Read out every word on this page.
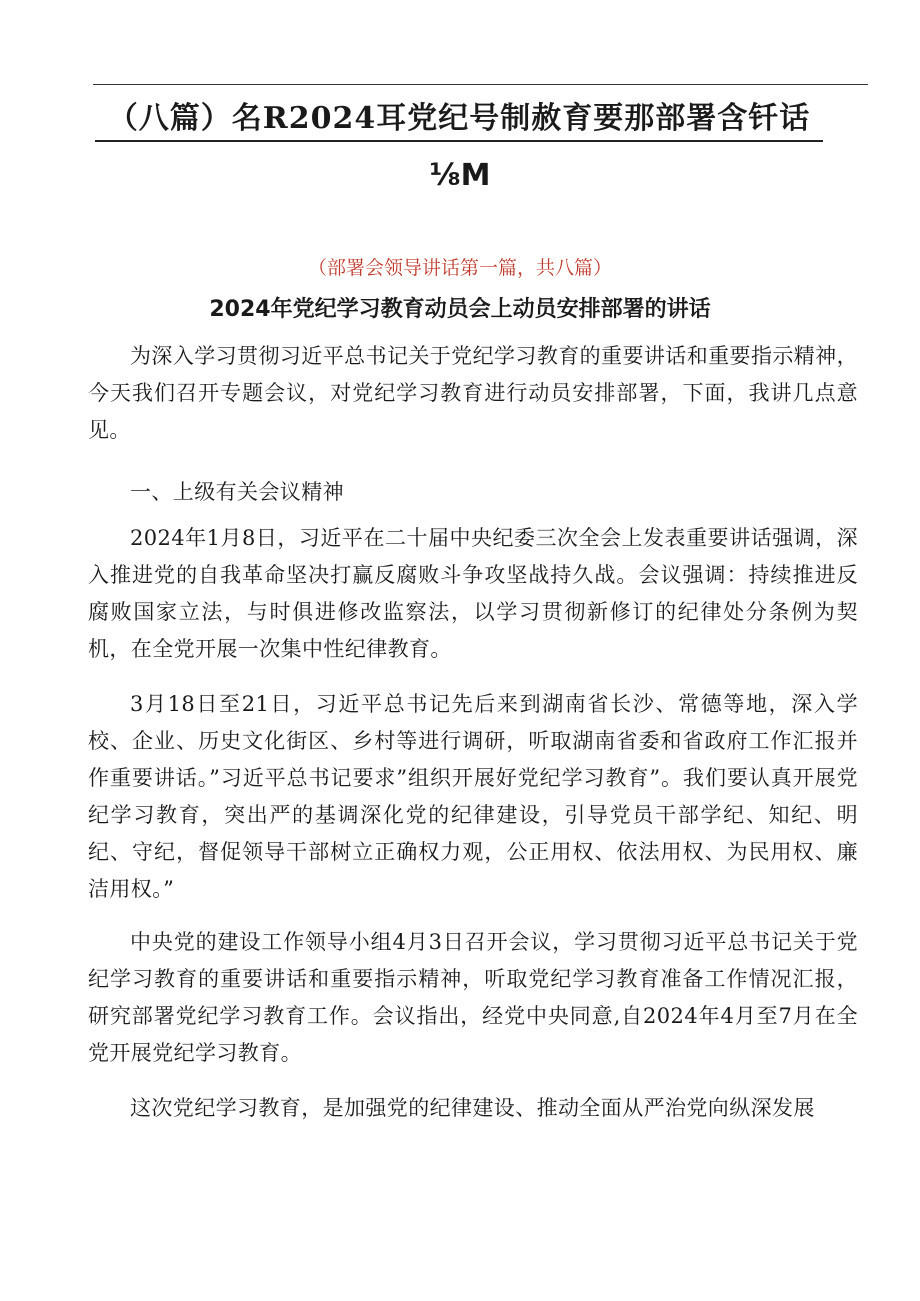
（八篇）名R2024耳党纪号制赦育要那部署含钎话
⅛M
（部署会领导讲话第一篇，共八篇）
2024年党纪学习教育动员会上动员安排部署的讲话

为深入学习贯彻习近平总书记关于党纪学习教育的重要讲话和重要指示精神，今天我们召开专题会议，对党纪学习教育进行动员安排部署，下面，我讲几点意见。

一、上级有关会议精神

2024年1月8日，习近平在二十届中央纪委三次全会上发表重要讲话强调，深入推进党的自我革命坚决打赢反腐败斗争攻坚战持久战。会议强调：持续推进反腐败国家立法，与时俱进修改监察法，以学习贯彻新修订的纪律处分条例为契机，在全党开展一次集中性纪律教育。

3月18日至21日，习近平总书记先后来到湖南省长沙、常德等地，深入学校、企业、历史文化街区、乡村等进行调研，听取湖南省委和省政府工作汇报并作重要讲话。”习近平总书记要求”组织开展好党纪学习教育”。我们要认真开展党纪学习教育，突出严的基调深化党的纪律建设，引导党员干部学纪、知纪、明纪、守纪，督促领导干部树立正确权力观，公正用权、依法用权、为民用权、廉洁用权。”

中央党的建设工作领导小组4月3日召开会议，学习贯彻习近平总书记关于党纪学习教育的重要讲话和重要指示精神，听取党纪学习教育准备工作情况汇报，研究部署党纪学习教育工作。会议指出，经党中央同意,自2024年4月至7月在全党开展党纪学习教育。

这次党纪学习教育，是加强党的纪律建设、推动全面从严治党向纵深发展
